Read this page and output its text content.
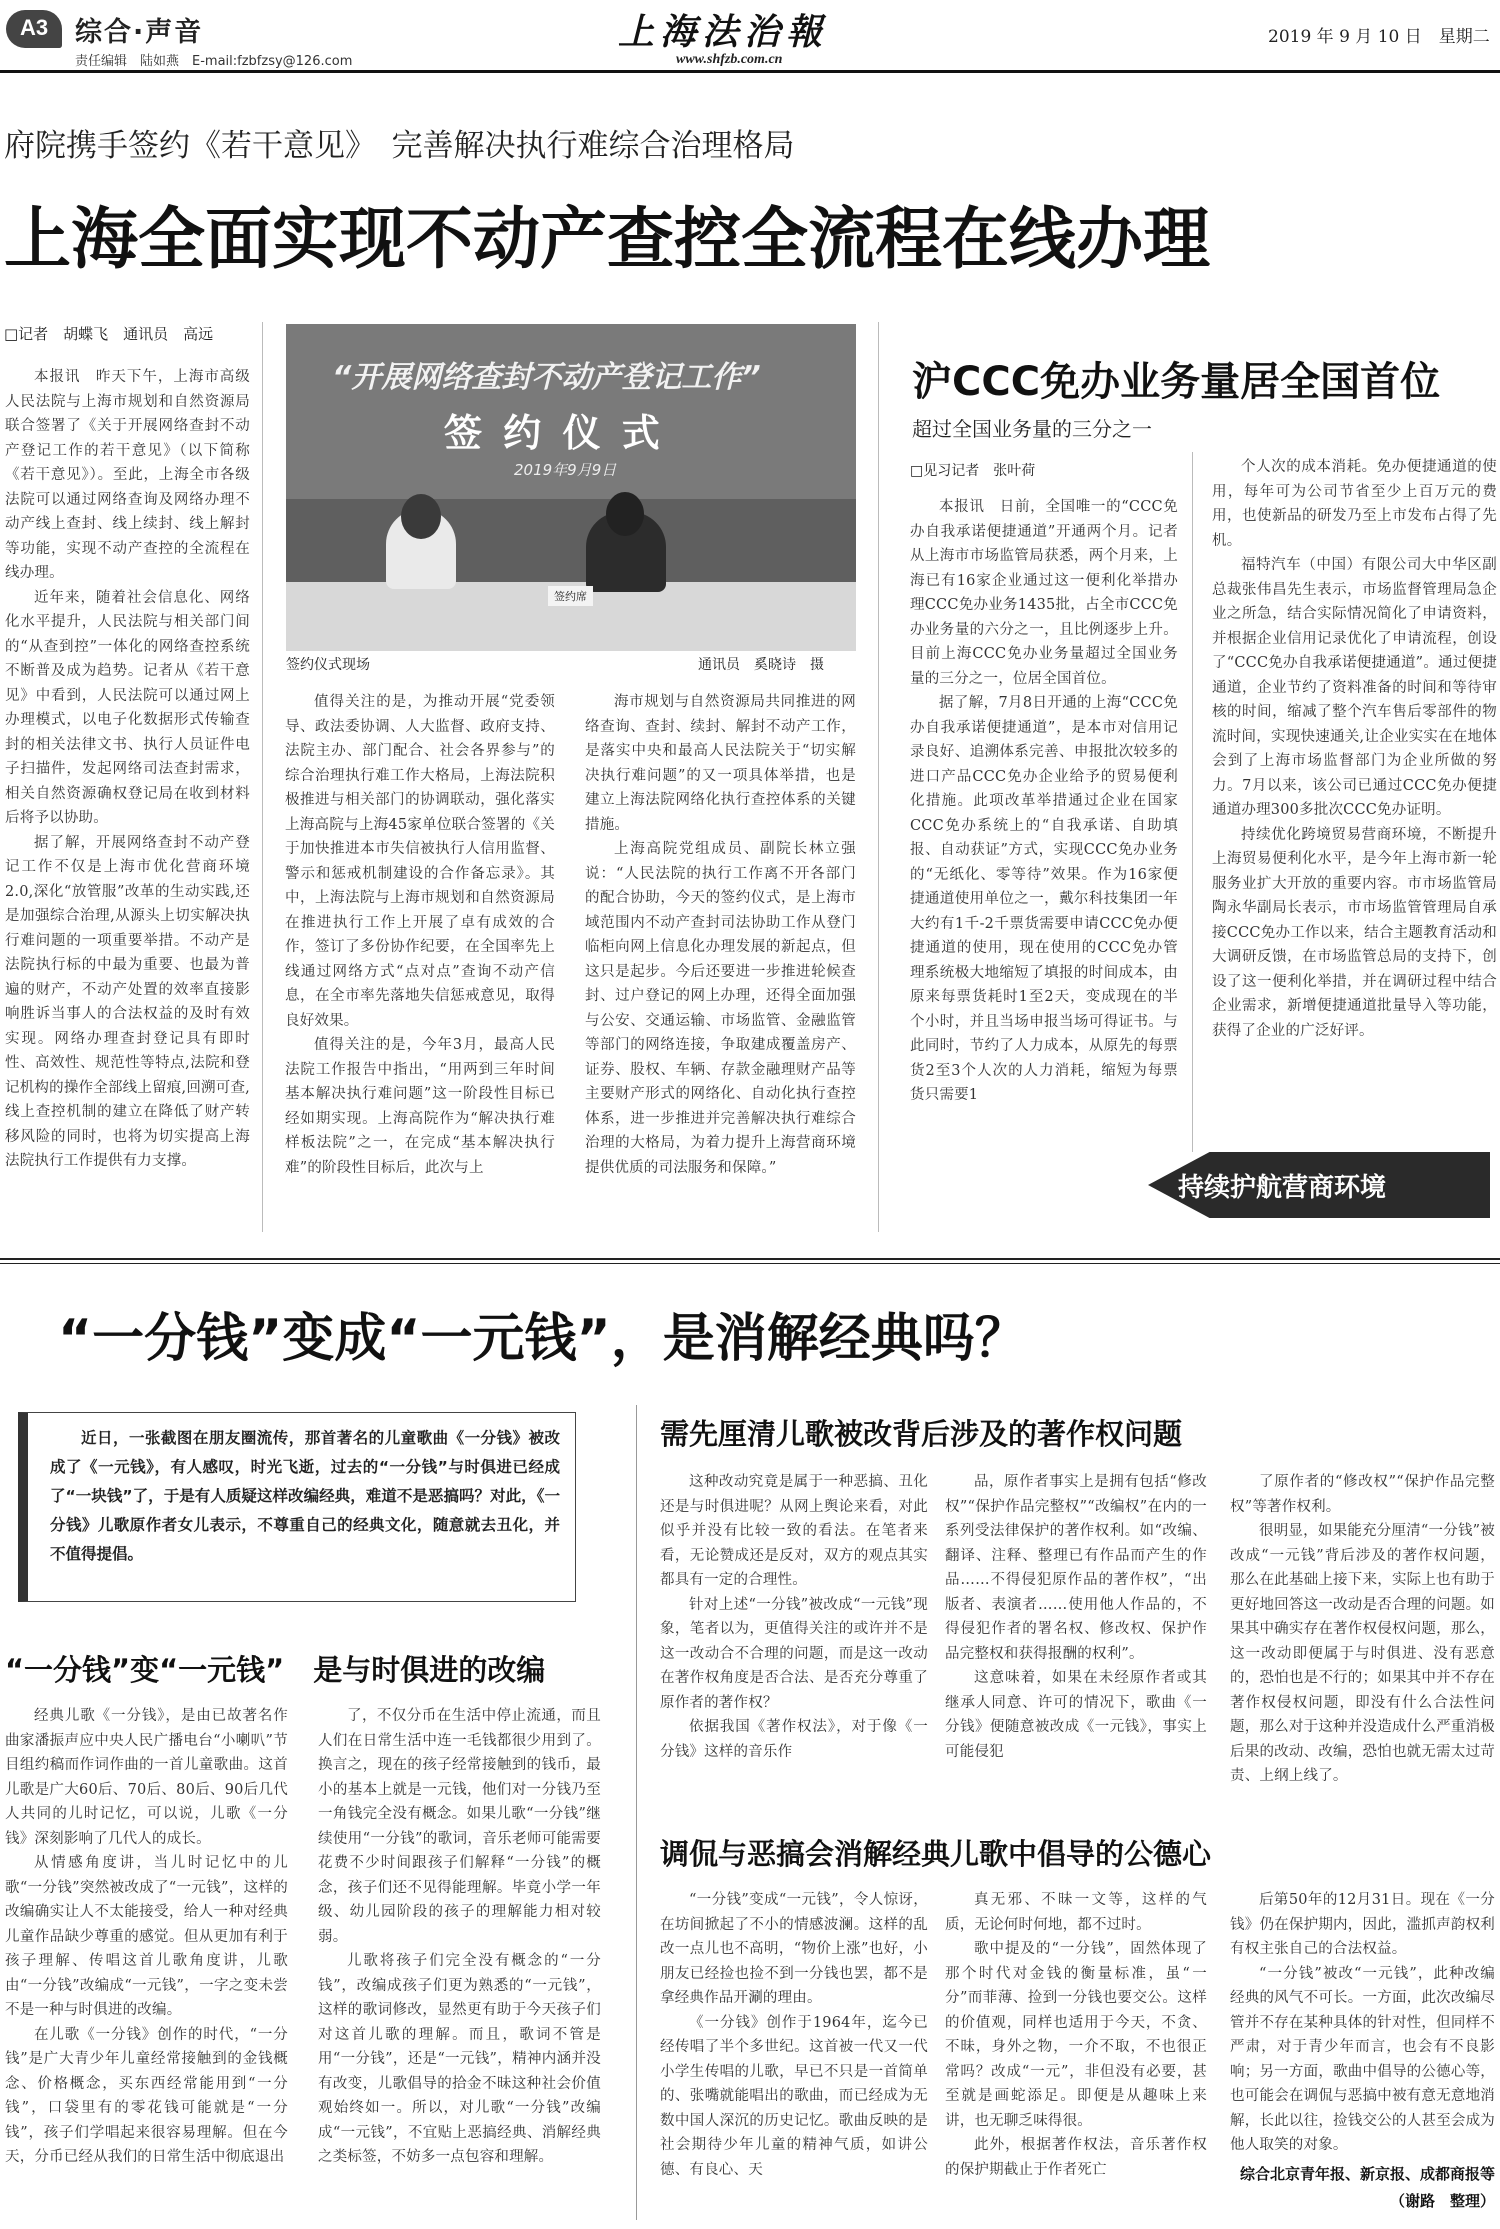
A3 综合·声音
责任编辑　陆如燕　E-mail:fzbfzsy@126.com
上海法治報
www.shfzb.com.cn
2019 年 9 月 10 日　星期二
府院携手签约《若干意见》　完善解决执行难综合治理格局
上海全面实现不动产查控全流程在线办理
□记者　胡蝶飞　通讯员　高远
“开展网络查封不动产登记工作”
签 约 仪 式
2019年9月9日
签约席
签约仪式现场	通讯员　奚晓诗　摄

本报讯　昨天下午，上海市高级人民法院与上海市规划和自然资源局联合签署了《关于开展网络查封不动产登记工作的若干意见》（以下简称《若干意见》）。至此，上海全市各级法院可以通过网络查询及网络办理不动产线上查封、线上续封、线上解封等功能，实现不动产查控的全流程在线办理。

近年来，随着社会信息化、网络化水平提升，人民法院与相关部门间的“从查到控”一体化的网络查控系统不断普及成为趋势。记者从《若干意见》中看到，人民法院可以通过网上办理模式，以电子化数据形式传输查封的相关法律文书、执行人员证件电子扫描件，发起网络司法查封需求，相关自然资源确权登记局在收到材料后将予以协助。

据了解，开展网络查封不动产登记工作不仅是上海市优化营商环境2.0,深化“放管服”改革的生动实践,还是加强综合治理,从源头上切实解决执行难问题的一项重要举措。不动产是法院执行标的中最为重要、也最为普遍的财产，不动产处置的效率直接影响胜诉当事人的合法权益的及时有效实现。网络办理查封登记具有即时性、高效性、规范性等特点,法院和登记机构的操作全部线上留痕,回溯可查,线上查控机制的建立在降低了财产转移风险的同时，也将为切实提高上海法院执行工作提供有力支撑。

值得关注的是，为推动开展“党委领导、政法委协调、人大监督、政府支持、法院主办、部门配合、社会各界参与”的综合治理执行难工作大格局，上海法院积极推进与相关部门的协调联动，强化落实上海高院与上海45家单位联合签署的《关于加快推进本市失信被执行人信用监督、警示和惩戒机制建设的合作备忘录》。其中，上海法院与上海市规划和自然资源局在推进执行工作上开展了卓有成效的合作，签订了多份协作纪要，在全国率先上线通过网络方式“点对点”查询不动产信息，在全市率先落地失信惩戒意见，取得良好效果。

值得关注的是，今年3月，最高人民法院工作报告中指出，“用两到三年时间基本解决执行难问题”这一阶段性目标已经如期实现。上海高院作为“解决执行难样板法院”之一，在完成“基本解决执行难”的阶段性目标后，此次与上

海市规划与自然资源局共同推进的网络查询、查封、续封、解封不动产工作，是落实中央和最高人民法院关于“切实解决执行难问题”的又一项具体举措，也是建立上海法院网络化执行查控体系的关键措施。

上海高院党组成员、副院长林立强说：“人民法院的执行工作离不开各部门的配合协助，今天的签约仪式，是上海市域范围内不动产查封司法协助工作从登门临柜向网上信息化办理发展的新起点，但这只是起步。今后还要进一步推进轮候查封、过户登记的网上办理，还得全面加强与公安、交通运输、市场监管、金融监管等部门的网络连接，争取建成覆盖房产、证券、股权、车辆、存款金融理财产品等主要财产形式的网络化、自动化执行查控体系，进一步推进并完善解决执行难综合治理的大格局，为着力提升上海营商环境提供优质的司法服务和保障。”

沪CCC免办业务量居全国首位
超过全国业务量的三分之一
□见习记者　张叶荷

本报讯　日前，全国唯一的“CCC免办自我承诺便捷通道”开通两个月。记者从上海市市场监管局获悉，两个月来，上海已有16家企业通过这一便利化举措办理CCC免办业务1435批，占全市CCC免办业务量的六分之一，且比例逐步上升。目前上海CCC免办业务量超过全国业务量的三分之一，位居全国首位。

据了解，7月8日开通的上海“CCC免办自我承诺便捷通道”，是本市对信用记录良好、追溯体系完善、申报批次较多的进口产品CCC免办企业给予的贸易便利化措施。此项改革举措通过企业在国家CCC免办系统上的“自我承诺、自助填报、自动获证”方式，实现CCC免办业务的“无纸化、零等待”效果。作为16家便捷通道使用单位之一，戴尔科技集团一年大约有1千-2千票货需要申请CCC免办便捷通道的使用，现在使用的CCC免办管理系统极大地缩短了填报的时间成本，由原来每票货耗时1至2天，变成现在的半个小时，并且当场申报当场可得证书。与此同时，节约了人力成本，从原先的每票货2至3个人次的人力消耗，缩短为每票货只需要1

个人次的成本消耗。免办便捷通道的使用，每年可为公司节省至少上百万元的费用，也使新品的研发乃至上市发布占得了先机。

福特汽车（中国）有限公司大中华区副总裁张伟昌先生表示，市场监督管理局急企业之所急，结合实际情况简化了申请资料，并根据企业信用记录优化了申请流程，创设了“CCC免办自我承诺便捷通道”。通过便捷通道，企业节约了资料准备的时间和等待审核的时间，缩减了整个汽车售后零部件的物流时间，实现快速通关,让企业实实在在地体会到了上海市场监督部门为企业所做的努力。7月以来，该公司已通过CCC免办便捷通道办理300多批次CCC免办证明。

持续优化跨境贸易营商环境，不断提升上海贸易便利化水平，是今年上海市新一轮服务业扩大开放的重要内容。市市场监管局陶永华副局长表示，市市场监管管理局自承接CCC免办工作以来，结合主题教育活动和大调研反馈，在市场监管总局的支持下，创设了这一便利化举措，并在调研过程中结合企业需求，新增便捷通道批量导入等功能，获得了企业的广泛好评。

持续护航营商环境
“一分钱”变成“一元钱”，是消解经典吗？
近日，一张截图在朋友圈流传，那首著名的儿童歌曲《一分钱》被改成了《一元钱》，有人感叹，时光飞逝，过去的“一分钱”与时俱进已经成了“一块钱”了，于是有人质疑这样改编经典，难道不是恶搞吗？对此，《一分钱》儿歌原作者女儿表示，不尊重自己的经典文化，随意就去丑化，并不值得提倡。
“一分钱”变“一元钱”　是与时俱进的改编

经典儿歌《一分钱》，是由已故著名作曲家潘振声应中央人民广播电台“小喇叭”节目组约稿而作词作曲的一首儿童歌曲。这首儿歌是广大60后、70后、80后、90后几代人共同的儿时记忆，可以说，儿歌《一分钱》深刻影响了几代人的成长。

从情感角度讲，当儿时记忆中的儿歌“一分钱”突然被改成了“一元钱”，这样的改编确实让人不太能接受，给人一种对经典儿童作品缺少尊重的感觉。但从更加有利于孩子理解、传唱这首儿歌角度讲，儿歌由“一分钱”改编成“一元钱”，一字之变未尝不是一种与时俱进的改编。

在儿歌《一分钱》创作的时代，“一分钱”是广大青少年儿童经常接触到的金钱概念、价格概念，买东西经常能用到“一分钱”，口袋里有的零花钱可能就是“一分钱”，孩子们学唱起来很容易理解。但在今天，分币已经从我们的日常生活中彻底退出

了，不仅分币在生活中停止流通，而且人们在日常生活中连一毛钱都很少用到了。换言之，现在的孩子经常接触到的钱币，最小的基本上就是一元钱，他们对一分钱乃至一角钱完全没有概念。如果儿歌“一分钱”继续使用“一分钱”的歌词，音乐老师可能需要花费不少时间跟孩子们解释“一分钱”的概念，孩子们还不见得能理解。毕竟小学一年级、幼儿园阶段的孩子的理解能力相对较弱。

儿歌将孩子们完全没有概念的“一分钱”，改编成孩子们更为熟悉的“一元钱”，这样的歌词修改，显然更有助于今天孩子们对这首儿歌的理解。而且，歌词不管是用“一分钱”，还是“一元钱”，精神内涵并没有改变，儿歌倡导的拾金不昧这种社会价值观始终如一。所以，对儿歌“一分钱”改编成“一元钱”，不宜贴上恶搞经典、消解经典之类标签，不妨多一点包容和理解。

需先厘清儿歌被改背后涉及的著作权问题

这种改动究竟是属于一种恶搞、丑化还是与时俱进呢？从网上舆论来看，对此似乎并没有比较一致的看法。在笔者来看，无论赞成还是反对，双方的观点其实都具有一定的合理性。

针对上述“一分钱”被改成“一元钱”现象，笔者以为，更值得关注的或许并不是这一改动合不合理的问题，而是这一改动在著作权角度是否合法、是否充分尊重了原作者的著作权？

依据我国《著作权法》，对于像《一分钱》这样的音乐作

品，原作者事实上是拥有包括“修改权”“保护作品完整权”“改编权”在内的一系列受法律保护的著作权利。如“改编、翻译、注释、整理已有作品而产生的作品……不得侵犯原作品的著作权”，“出版者、表演者……使用他人作品的，不得侵犯作者的署名权、修改权、保护作品完整权和获得报酬的权利”。

这意味着，如果在未经原作者或其继承人同意、许可的情况下，歌曲《一分钱》便随意被改成《一元钱》，事实上可能侵犯

了原作者的“修改权”“保护作品完整权”等著作权利。

很明显，如果能充分厘清“一分钱”被改成“一元钱”背后涉及的著作权问题，那么在此基础上接下来，实际上也有助于更好地回答这一改动是否合理的问题。如果其中确实存在著作权侵权问题，那么，这一改动即便属于与时俱进、没有恶意的，恐怕也是不行的；如果其中并不存在著作权侵权问题，即没有什么合法性问题，那么对于这种并没造成什么严重消极后果的改动、改编，恐怕也就无需太过苛责、上纲上线了。

调侃与恶搞会消解经典儿歌中倡导的公德心

“一分钱”变成“一元钱”，令人惊讶，在坊间掀起了不小的情感波澜。这样的乱改一点儿也不高明，“物价上涨”也好，小朋友已经捡也捡不到一分钱也罢，都不是拿经典作品开涮的理由。

《一分钱》创作于1964年，迄今已经传唱了半个多世纪。这首被一代又一代小学生传唱的儿歌，早已不只是一首简单的、张嘴就能唱出的歌曲，而已经成为无数中国人深沉的历史记忆。歌曲反映的是社会期待少年儿童的精神气质，如讲公德、有良心、天

真无邪、不昧一文等，这样的气质，无论何时何地，都不过时。

歌中提及的“一分钱”，固然体现了那个时代对金钱的衡量标准，虽“一分”而菲薄、捡到一分钱也要交公。这样的价值观，同样也适用于今天，不贪、不昧，身外之物，一介不取，不也很正常吗？改成“一元”，非但没有必要，甚至就是画蛇添足。即便是从趣味上来讲，也无聊乏味得很。

此外，根据著作权法，音乐著作权的保护期截止于作者死亡

后第50年的12月31日。现在《一分钱》仍在保护期内，因此，滥抓声韵权利有权主张自己的合法权益。

“一分钱”被改“一元钱”，此种改编经典的风气不可长。一方面，此次改编尽管并不存在某种具体的针对性，但同样不严肃，对于青少年而言，也会有不良影响；另一方面，歌曲中倡导的公德心等，也可能会在调侃与恶搞中被有意无意地消解，长此以往，捡钱交公的人甚至会成为他人取笑的对象。

综合北京青年报、新京报、成都商报等
（谢路　整理）
